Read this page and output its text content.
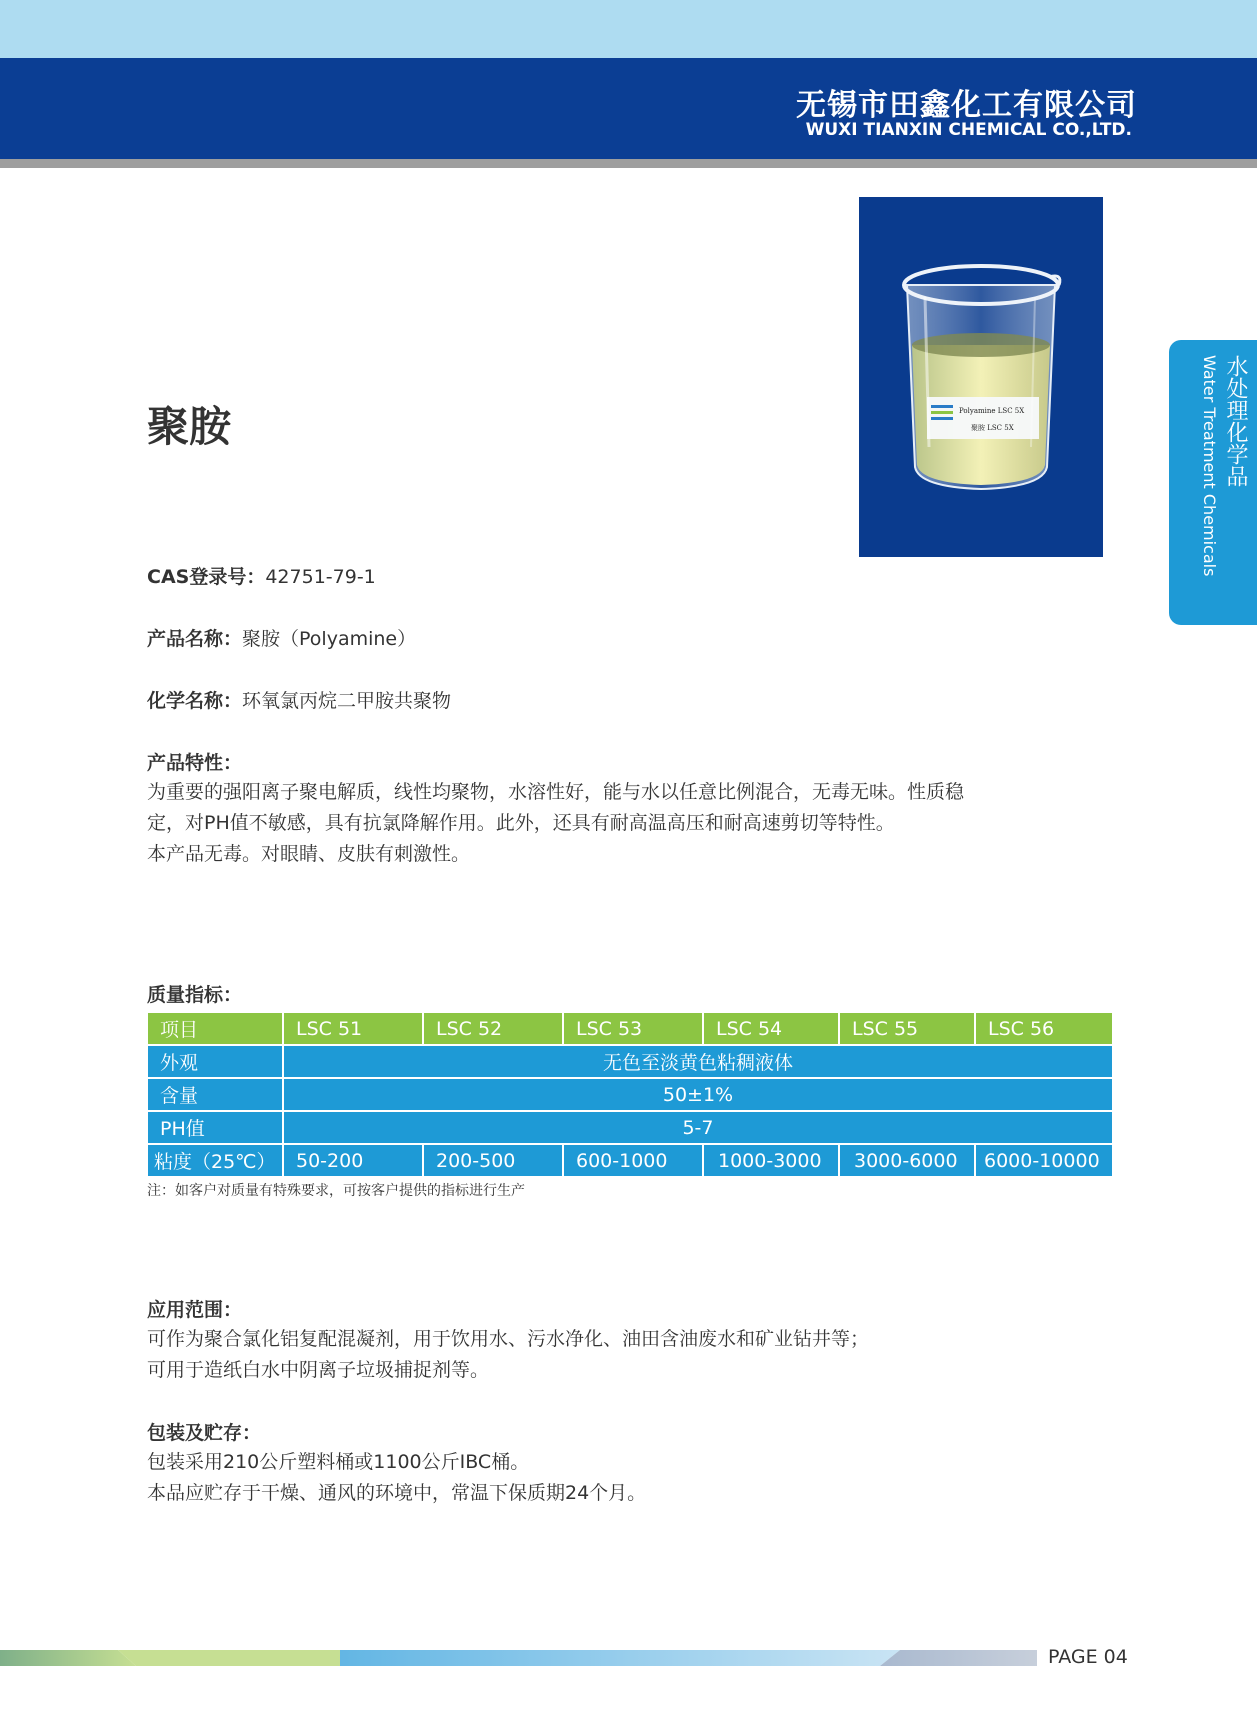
无锡市田鑫化工有限公司
WUXI TIANXIN CHEMICAL CO.,LTD.
Polyamine LSC 5X
聚胺 LSC 5X	水处理化学品
Water Treatment Chemicals
聚胺
CAS登录号：42751-79-1
产品名称：聚胺（Polyamine）
化学名称：环氧氯丙烷二甲胺共聚物
产品特性：

为重要的强阳离子聚电解质，线性均聚物，水溶性好，能与水以任意比例混合，无毒无味。性质稳
定，对PH值不敏感，具有抗氯降解作用。此外，还具有耐高温高压和耐高速剪切等特性。
本产品无毒。对眼睛、皮肤有刺激性。

质量指标：
项目	LSC 51	LSC 52	LSC 53	LSC 54	LSC 55	LSC 56
外观	无色至淡黄色粘稠液体					
含量	50±1%					
PH值	5-7					
粘度（25℃）	50-200	200-500	600-1000	1000-3000	3000-6000	6000-10000
注：如客户对质量有特殊要求，可按客户提供的指标进行生产
应用范围：

可作为聚合氯化铝复配混凝剂，用于饮用水、污水净化、油田含油废水和矿业钻井等；
可用于造纸白水中阴离子垃圾捕捉剂等。

包装及贮存：

包装采用210公斤塑料桶或1100公斤IBC桶。
本品应贮存于干燥、通风的环境中，常温下保质期24个月。

PAGE 04
